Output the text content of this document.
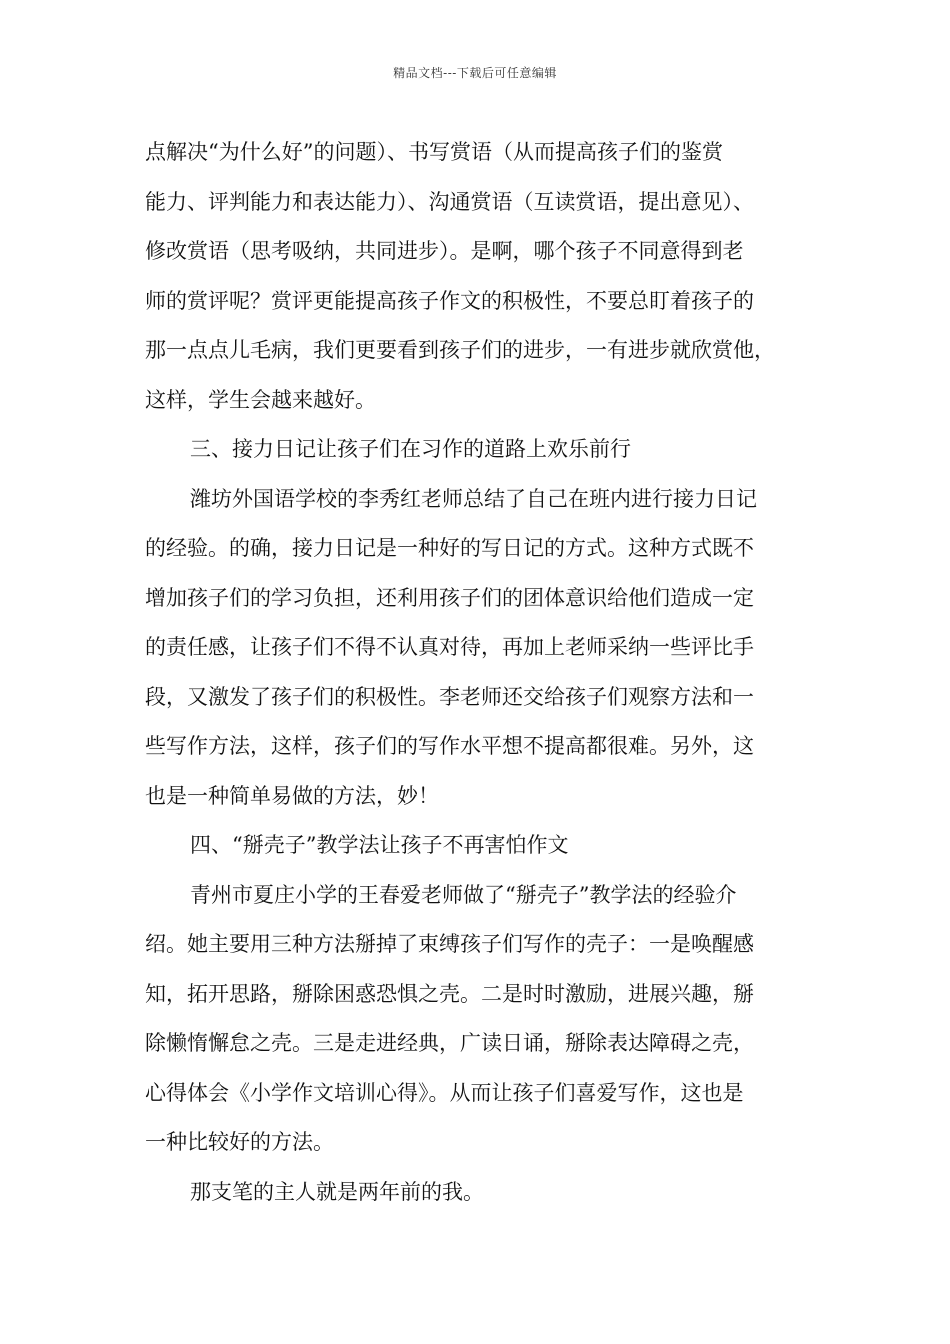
精品文档---下载后可任意编辑
点解决“为什么好”的问题）、书写赏语（从而提高孩子们的鉴赏
能力、评判能力和表达能力）、沟通赏语（互读赏语，提出意见）、
修改赏语（思考吸纳，共同进步）。是啊，哪个孩子不同意得到老
师的赏评呢？赏评更能提高孩子作文的积极性，不要总盯着孩子的
那一点点儿毛病，我们更要看到孩子们的进步，一有进步就欣赏他，
这样，学生会越来越好。
三、接力日记让孩子们在习作的道路上欢乐前行
潍坊外国语学校的李秀红老师总结了自己在班内进行接力日记
的经验。的确，接力日记是一种好的写日记的方式。这种方式既不
增加孩子们的学习负担，还利用孩子们的团体意识给他们造成一定
的责任感，让孩子们不得不认真对待，再加上老师采纳一些评比手
段，又激发了孩子们的积极性。李老师还交给孩子们观察方法和一
些写作方法，这样，孩子们的写作水平想不提高都很难。另外，这
也是一种简单易做的方法，妙！
四、“掰壳子”教学法让孩子不再害怕作文
青州市夏庄小学的王春爱老师做了“掰壳子”教学法的经验介
绍。她主要用三种方法掰掉了束缚孩子们写作的壳子：一是唤醒感
知，拓开思路，掰除困惑恐惧之壳。二是时时激励，进展兴趣，掰
除懒惰懈怠之壳。三是走进经典，广读日诵，掰除表达障碍之壳，
心得体会《小学作文培训心得》。从而让孩子们喜爱写作，这也是
一种比较好的方法。
那支笔的主人就是两年前的我。
